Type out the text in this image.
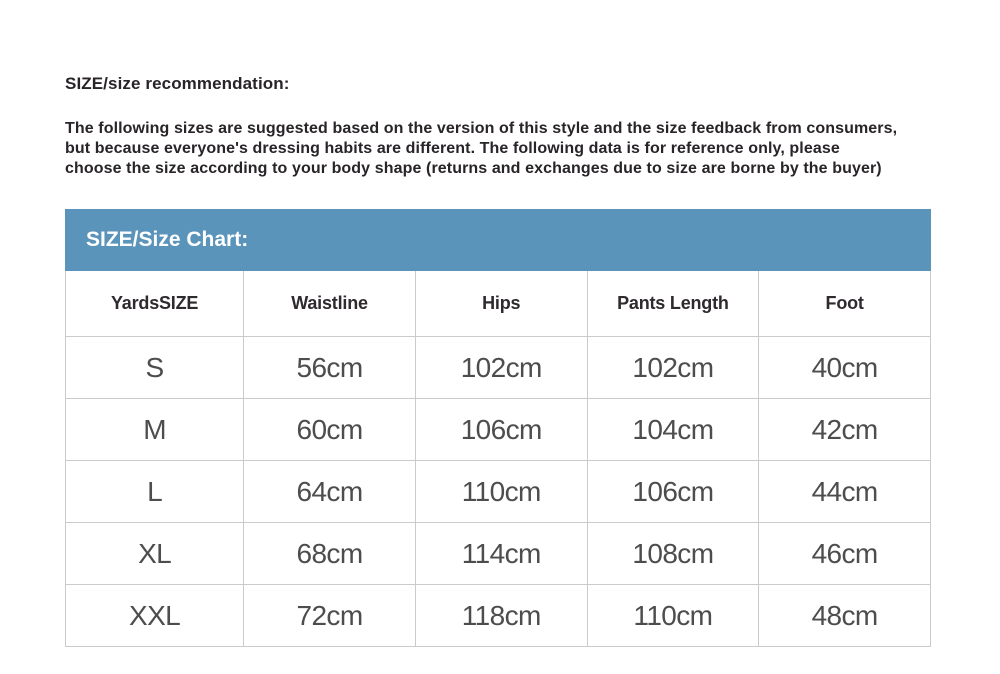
SIZE/size recommendation:
The following sizes are suggested based on the version of this style and the size feedback from consumers,
but because everyone's dressing habits are different. The following data is for reference only, please
choose the size according to your body shape (returns and exchanges due to size are borne by the buyer)
SIZE/Size Chart:
YardsSIZE	Waistline	Hips	Pants Length	Foot
S	56cm	102cm	102cm	40cm
M	60cm	106cm	104cm	42cm
L	64cm	110cm	106cm	44cm
XL	68cm	114cm	108cm	46cm
XXL	72cm	118cm	110cm	48cm
